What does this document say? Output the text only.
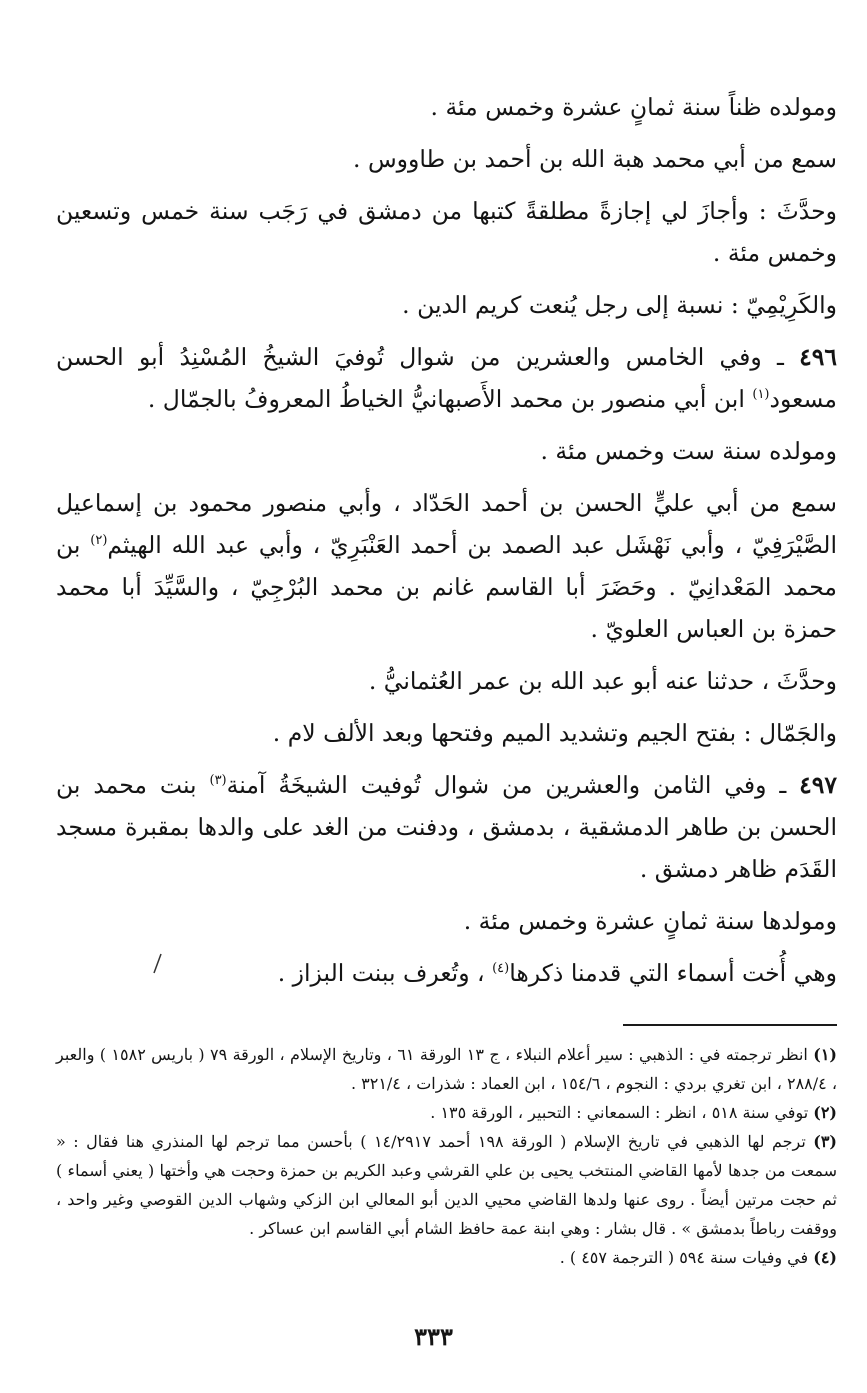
ومولده ظناً سنة ثمانٍ عشرة وخمس مئة .

سمع من أبي محمد هبة الله بن أحمد بن طاووس .

وحدَّثَ : وأجازَ لي إجازةً مطلقةً كتبها من دمشق في رَجَب سنة خمس وتسعين وخمس مئة .

والكَرِيْمِيّ : نسبة إلى رجل يُنعت كريم الدين .

٤٩٦ ـ وفي الخامس والعشرين من شوال تُوفيَ الشيخُ المُسْنِدُ أبو الحسن مسعود$^{(١)}$ ابن أبي منصور بن محمد الأَصبهانيُّ الخياطُ المعروفُ بالجمّال .

ومولده سنة ست وخمس مئة .

سمع من أبي عليٍّ الحسن بن أحمد الحَدّاد ، وأبي منصور محمود بن إسماعيل الصَّيْرَفِيّ ، وأبي نَهْشَل عبد الصمد بن أحمد العَنْبَرِيّ ، وأبي عبد الله الهيثم$^{(٢)}$ بن محمد المَعْدانِيّ . وحَضَرَ أبا القاسم غانم بن محمد البُرْجِيّ ، والسَّيِّدَ أبا محمد حمزة بن العباس العلويّ .

وحدَّثَ ، حدثنا عنه أبو عبد الله بن عمر العُثمانيُّ .

والجَمّال : بفتح الجيم وتشديد الميم وفتحها وبعد الألف لام .

٤٩٧ ـ وفي الثامن والعشرين من شوال تُوفيت الشيخَةُ آمنة$^{(٣)}$ بنت محمد بن الحسن بن طاهر الدمشقية ، بدمشق ، ودفنت من الغد على والدها بمقبرة مسجد القَدَم ظاهر دمشق .

ومولدها سنة ثمانٍ عشرة وخمس مئة .

وهي أُخت أسماء التي قدمنا ذكرها$^{(٤)}$ ، وتُعرف ببنت البزاز .

(١) انظر ترجمته في : الذهبي : سير أعلام النبلاء ، ج ١٣ الورقة ٦١ ، وتاريخ الإسلام ، الورقة ٧٩ ( باريس ١٥٨٢ ) والعبر ، ٢٨٨/٤ ، ابن تغري بردي : النجوم ، ١٥٤/٦ ، ابن العماد : شذرات ، ٣٢١/٤ .

(٢) توفي سنة ٥١٨ ، انظر : السمعاني : التحبير ، الورقة ١٣٥ .

(٣) ترجم لها الذهبي في تاريخ الإسلام ( الورقة ١٩٨ أحمد ١٤/٢٩١٧ ) بأحسن مما ترجم لها المنذري هنا فقال : « سمعت من جدها لأمها القاضي المنتخب يحيى بن علي القرشي وعبد الكريم بن حمزة وحجت هي وأختها ( يعني أسماء ) ثم حجت مرتين أيضاً . روى عنها ولدها القاضي محيي الدين أبو المعالي ابن الزكي وشهاب الدين القوصي وغير واحد ، ووقفت رباطاً بدمشق » . قال بشار : وهي ابنة عمة حافظ الشام أبي القاسم ابن عساكر .

(٤) في وفيات سنة ٥٩٤ ( الترجمة ٤٥٧ ) .

٣٣٣
